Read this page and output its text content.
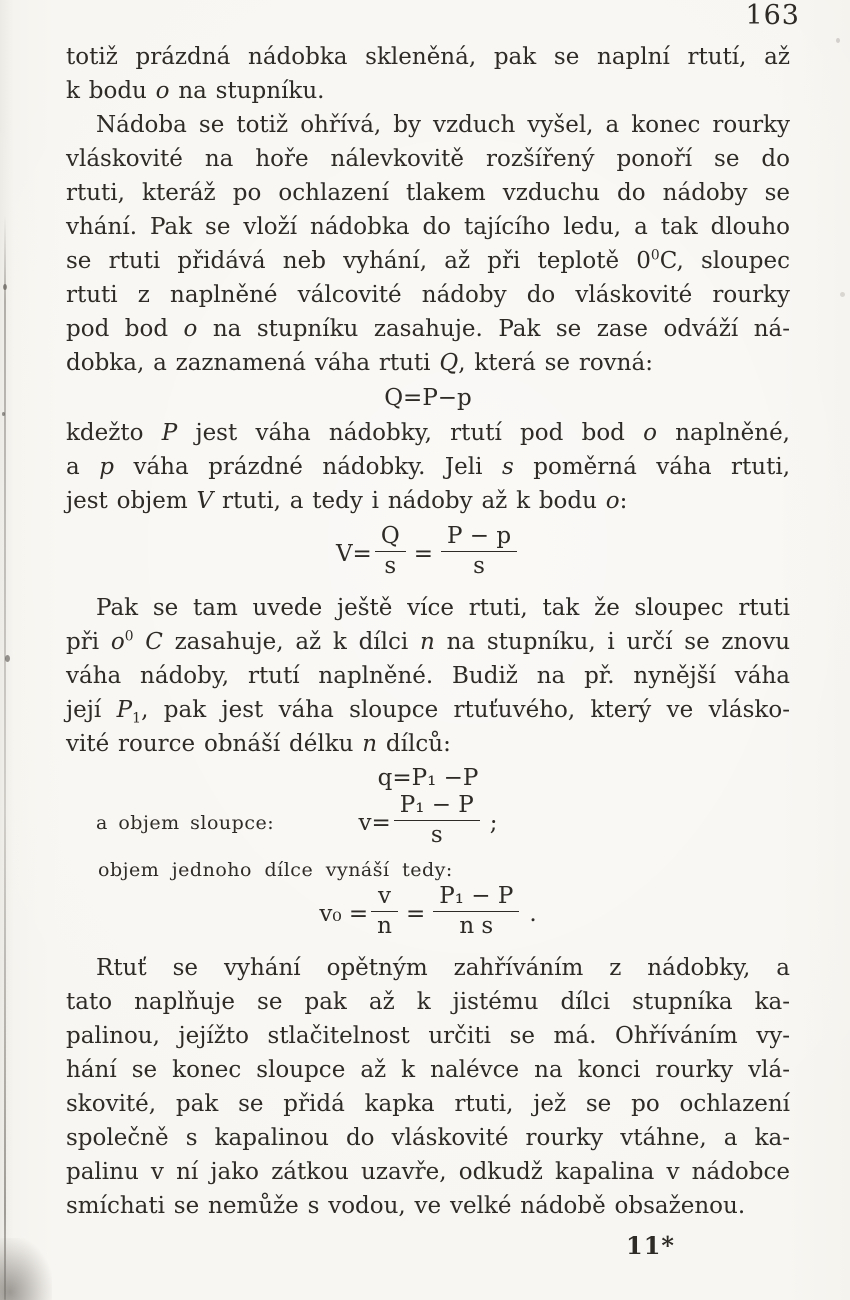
163
totiž prázdná nádobka skleněná, pak se naplní rtutí, až
k bodu o na stupníku.
Nádoba se totiž ohřívá, by vzduch vyšel, a konec rourky
vláskovité na hoře nálevkovitě rozšířený ponoří se do
rtuti, kteráž po ochlazení tlakem vzduchu do nádoby se
vhání. Pak se vloží nádobka do tajícího ledu, a tak dlouho
se rtuti přidává neb vyhání, až při teplotě $0^0C$, sloupec
rtuti z naplněné válcovité nádoby do vláskovité rourky
pod bod o na stupníku zasahuje. Pak se zase odváží ná-
dobka, a zaznamená váha rtuti Q, která se rovná:
Q=P−p
kdežto P jest váha nádobky, rtutí pod bod o naplněné,
a p váha prázdné nádobky. Jeli s poměrná váha rtuti,
jest objem V rtuti, a tedy i nádoby až k bodu o:
$V= \frac{Q}{s} = \frac{P - p}{s}$
Pak se tam uvede ještě více rtuti, tak že sloupec rtuti
při $o^0$ C zasahuje, až k dílci n na stupníku, i určí se znovu
váha nádoby, rtutí naplněné. Budiž na př. nynější váha
její $P_1$, pak jest váha sloupce rtuťuvého, který ve vlásko-
vité rource obnáší délku n dílců:
q=P₁ −P
a objem sloupce:	$v= \frac{\text{P₁ − P}}{s}$ ;
objem jednoho dílce vynáší tedy:
$v_0 = \frac{v}{n} = \frac{\text{P₁ − P}}{\text{n s}}$ .
Rtuť se vyhání opětným zahříváním z nádobky, a
tato naplňuje se pak až k jistému dílci stupníka ka-
palinou, jejížto stlačitelnost určiti se má. Ohříváním vy-
hání se konec sloupce až k nalévce na konci rourky vlá-
skovité, pak se přidá kapka rtuti, jež se po ochlazení
společně s kapalinou do vláskovité rourky vtáhne, a ka-
palinu v ní jako zátkou uzavře, odkudž kapalina v nádobce
smíchati se nemůže s vodou, ve velké nádobě obsaženou.
11*
